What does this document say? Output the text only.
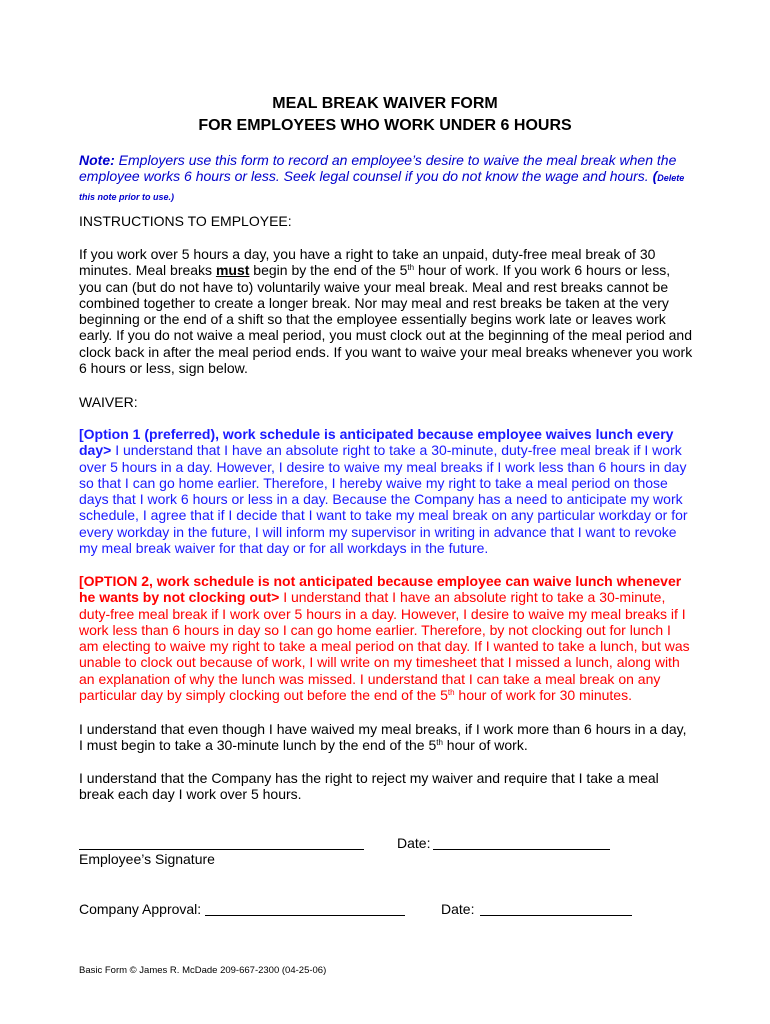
MEAL BREAK WAIVER FORM
FOR EMPLOYEES WHO WORK UNDER 6 HOURS
Note: Employers use this form to record an employee’s desire to waive the meal break when the employee works 6 hours or less. Seek legal counsel if you do not know the wage and hours. (Delete this note prior to use.)
INSTRUCTIONS TO EMPLOYEE:
If you work over 5 hours a day, you have a right to take an unpaid, duty-free meal break of 30 minutes. Meal breaks must begin by the end of the 5th hour of work. If you work 6 hours or less, you can (but do not have to) voluntarily waive your meal break. Meal and rest breaks cannot be combined together to create a longer break. Nor may meal and rest breaks be taken at the very beginning or the end of a shift so that the employee essentially begins work late or leaves work early. If you do not waive a meal period, you must clock out at the beginning of the meal period and clock back in after the meal period ends. If you want to waive your meal breaks whenever you work 6 hours or less, sign below.
WAIVER:
[Option 1 (preferred), work schedule is anticipated because employee waives lunch every day> I understand that I have an absolute right to take a 30-minute, duty-free meal break if I work over 5 hours in a day. However, I desire to waive my meal breaks if I work less than 6 hours in day so that I can go home earlier. Therefore, I hereby waive my right to take a meal period on those days that I work 6 hours or less in a day. Because the Company has a need to anticipate my work schedule, I agree that if I decide that I want to take my meal break on any particular workday or for every workday in the future, I will inform my supervisor in writing in advance that I want to revoke my meal break waiver for that day or for all workdays in the future.
[OPTION 2, work schedule is not anticipated because employee can waive lunch whenever he wants by not clocking out> I understand that I have an absolute right to take a 30-minute, duty-free meal break if I work over 5 hours in a day. However, I desire to waive my meal breaks if I work less than 6 hours in day so I can go home earlier. Therefore, by not clocking out for lunch I am electing to waive my right to take a meal period on that day. If I wanted to take a lunch, but was unable to clock out because of work, I will write on my timesheet that I missed a lunch, along with an explanation of why the lunch was missed. I understand that I can take a meal break on any particular day by simply clocking out before the end of the 5th hour of work for 30 minutes.
I understand that even though I have waived my meal breaks, if I work more than 6 hours in a day, I must begin to take a 30-minute lunch by the end of the 5th hour of work.
I understand that the Company has the right to reject my waiver and require that I take a meal break each day I work over 5 hours.
Employee’s Signature
Date:
Company Approval:	Date:
Basic Form © James R. McDade 209-667-2300 (04-25-06)
